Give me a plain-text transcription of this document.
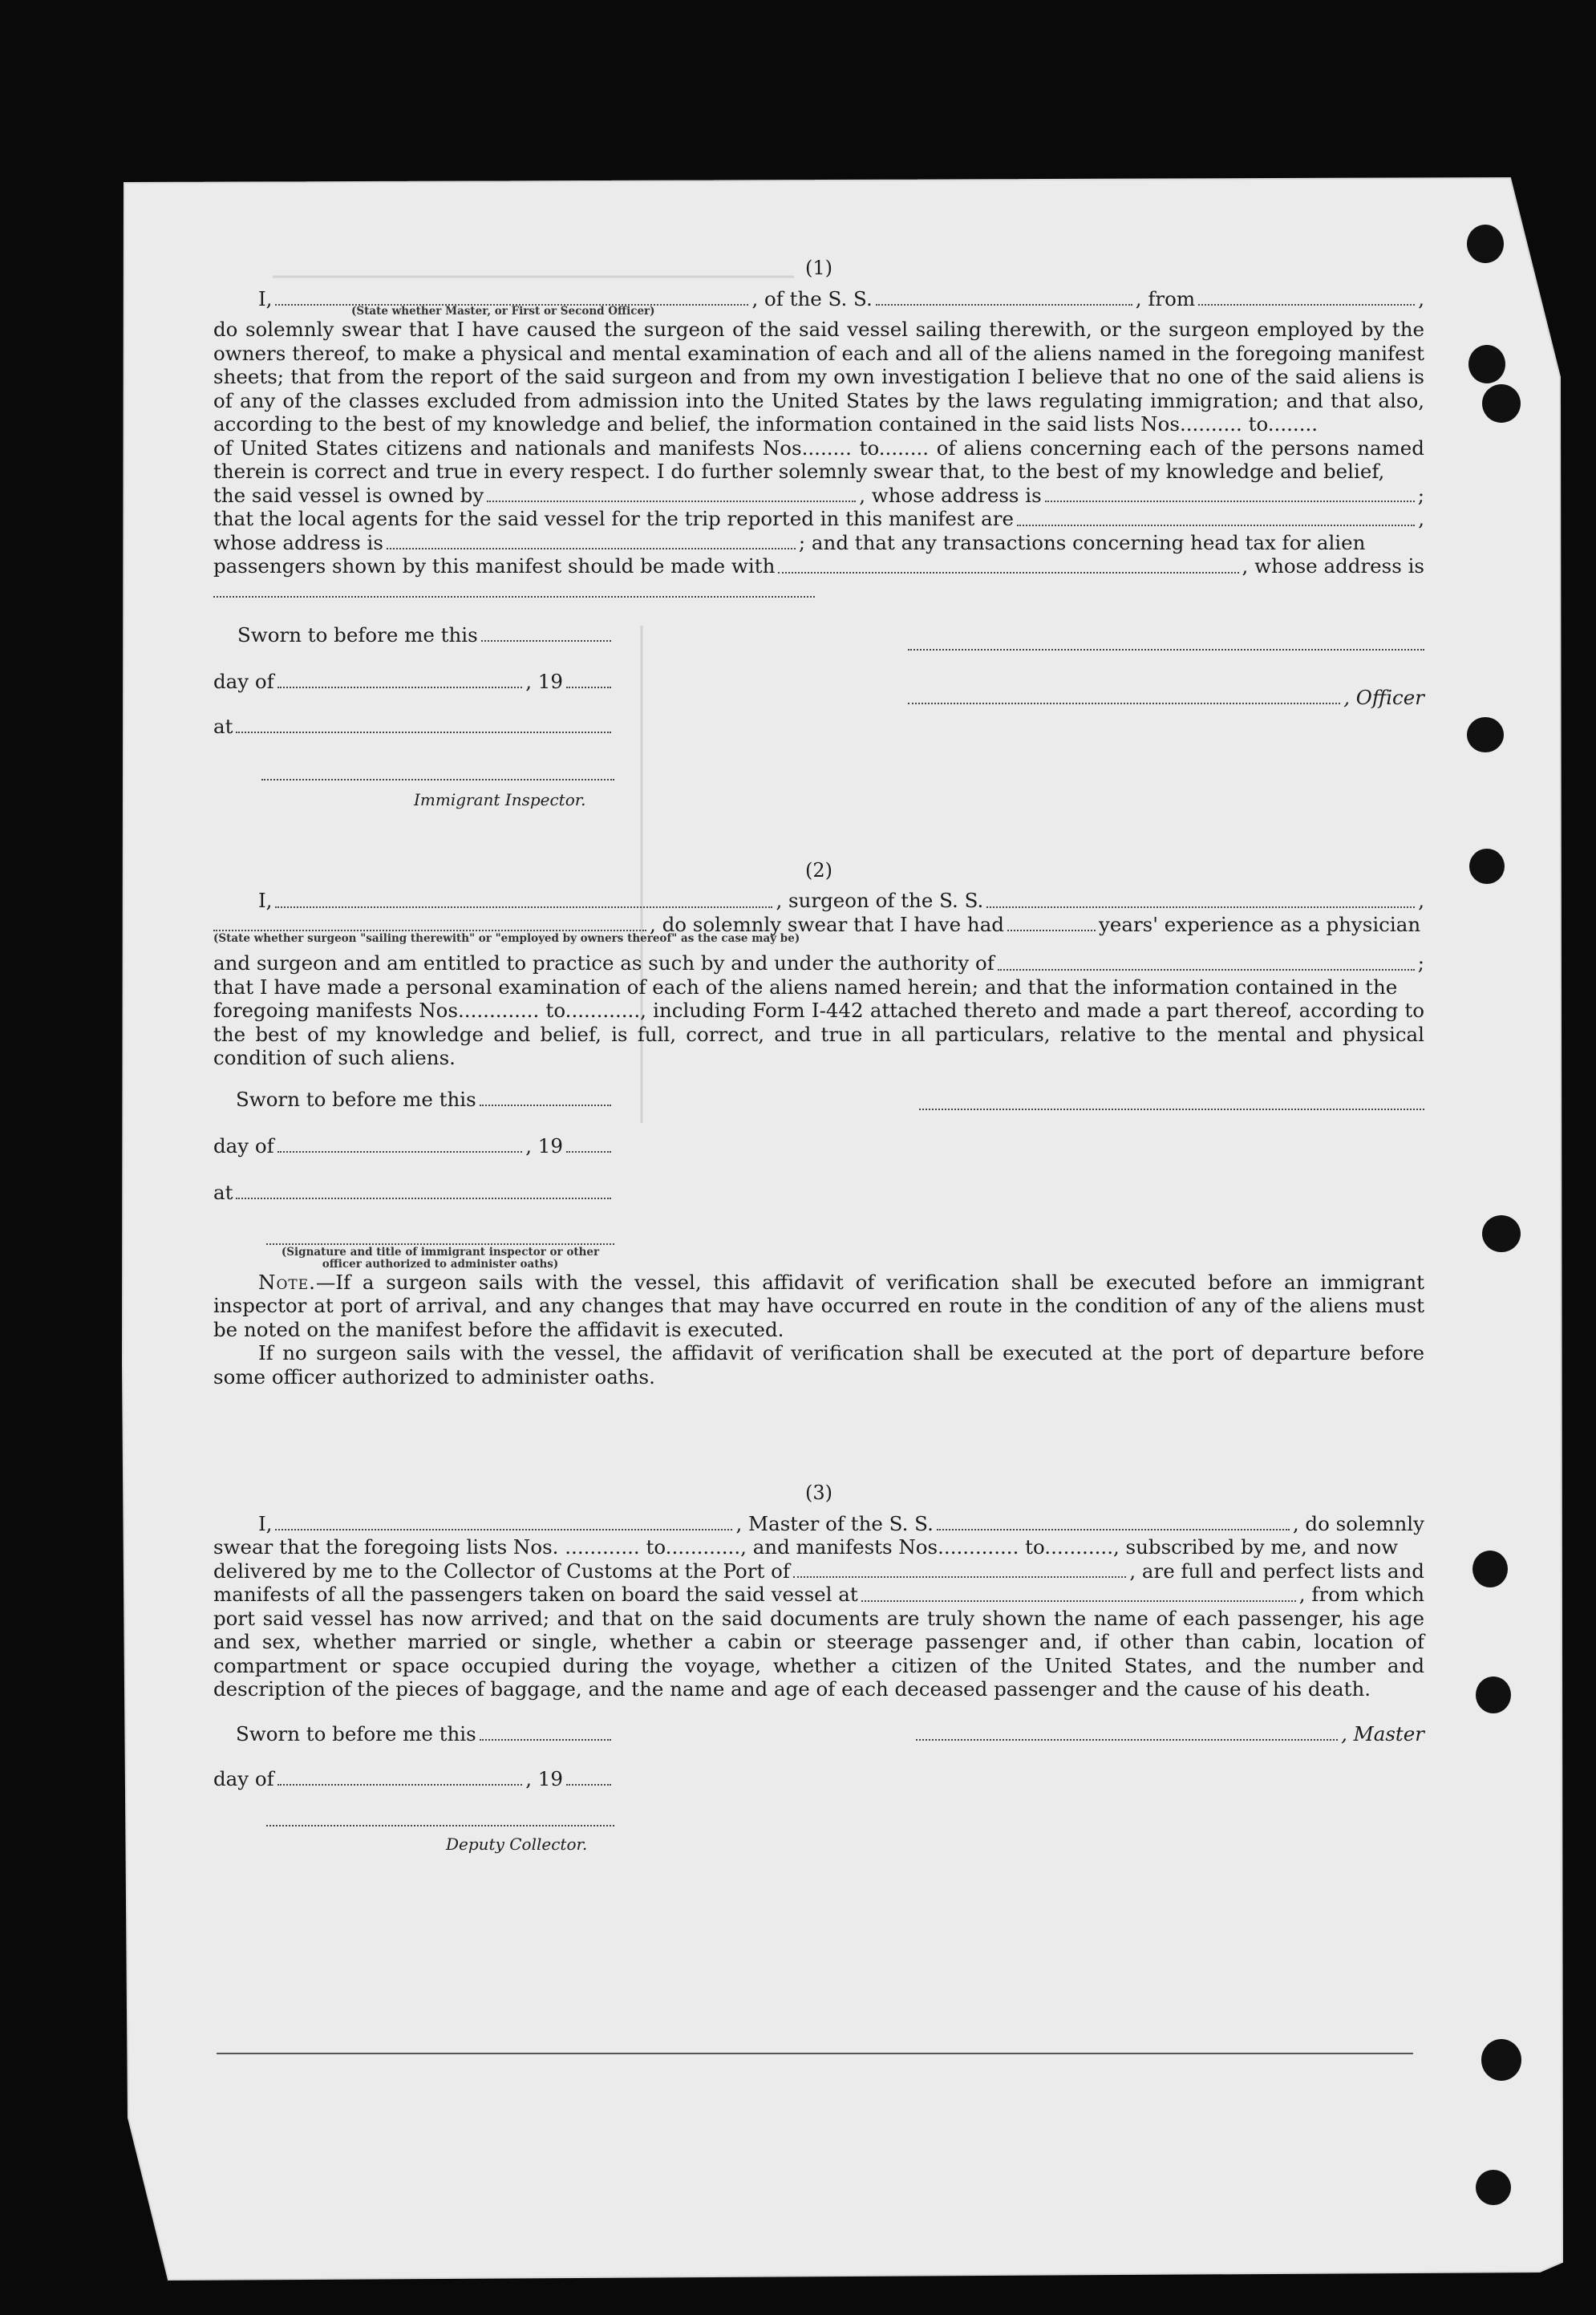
(1)
I,	, of the S. S.	, from	,
(State whether Master, or First or Second Officer)

do solemnly swear that I have caused the surgeon of the said vessel sailing therewith, or the surgeon employed by the owners thereof, to make a physical and mental examination of each and all of the aliens named in the foregoing manifest sheets; that from the report of the said surgeon and from my own investigation I believe that no one of the said aliens is of any of the classes excluded from admission into the United States by the laws regulating immigration; and that also, according to the best of my knowledge and belief, the information contained in the said lists Nos.......... to........

of United States citizens and nationals and manifests Nos........ to........ of aliens concerning each of the persons named therein is correct and true in every respect. I do further solemnly swear that, to the best of my knowledge and belief,

the said vessel is owned by	, whose address is	;
that the local agents for the said vessel for the trip reported in this manifest are	,
whose address is	; and that any transactions concerning head tax for alien
passengers shown by this manifest should be made with	, whose address is
Sworn to before me this
day of	, 19
, Officer
at
Immigrant Inspector.
(2)
I,	, surgeon of the S. S.	,
, do solemnly swear that I have had	years' experience as a physician
(State whether surgeon "sailing therewith" or "employed by owners thereof" as the case may be)
and surgeon and am entitled to practice as such by and under the authority of	;

that I have made a personal examination of each of the aliens named herein; and that the information contained in the

foregoing manifests Nos............. to............, including Form I-442 attached thereto and made a part thereof, according to the best of my knowledge and belief, is full, correct, and true in all particulars, relative to the mental and physical condition of such aliens.

Sworn to before me this
day of	, 19
at
(Signature and title of immigrant inspector or other officer authorized to administer oaths)

Note.—If a surgeon sails with the vessel, this affidavit of verification shall be executed before an immigrant inspector at port of arrival, and any changes that may have occurred en route in the condition of any of the aliens must be noted on the manifest before the affidavit is executed.

If no surgeon sails with the vessel, the affidavit of verification shall be executed at the port of departure before some officer authorized to administer oaths.

(3)
I,	, Master of the S. S.	, do solemnly

swear that the foregoing lists Nos. ............ to............, and manifests Nos............. to..........., subscribed by me, and now

delivered by me to the Collector of Customs at the Port of	, are full and perfect lists and
manifests of all the passengers taken on board the said vessel at	, from which

port said vessel has now arrived; and that on the said documents are truly shown the name of each passenger, his age and sex, whether married or single, whether a cabin or steerage passenger and, if other than cabin, location of compartment or space occupied during the voyage, whether a citizen of the United States, and the number and description of the pieces of baggage, and the name and age of each deceased passenger and the cause of his death.

Sworn to before me this	, Master
day of	, 19
Deputy Collector.
